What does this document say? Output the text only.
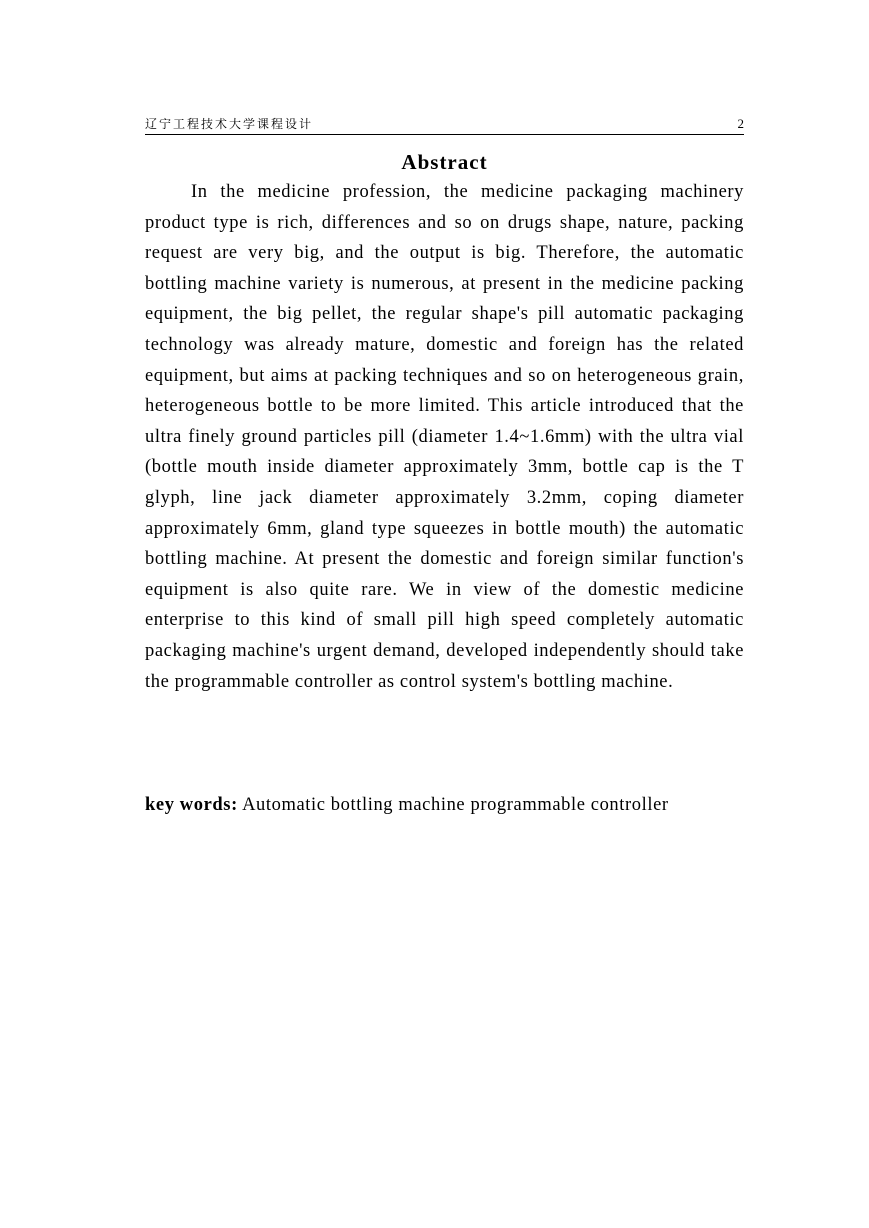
辽宁工程技术大学课程设计	2
Abstract

In the medicine profession, the medicine packaging machinery product type is rich, differences and so on drugs shape, nature, packing request are very big, and the output is big. Therefore, the automatic bottling machine variety is numerous, at present in the medicine packing equipment, the big pellet, the regular shape's pill automatic packaging technology was already mature, domestic and foreign has the related equipment, but aims at packing techniques and so on heterogeneous grain, heterogeneous bottle to be more limited. This article introduced that the ultra finely ground particles pill (diameter 1.4~1.6mm) with the ultra vial (bottle mouth inside diameter approximately 3mm, bottle cap is the T glyph, line jack diameter approximately 3.2mm, coping diameter approximately 6mm, gland type squeezes in bottle mouth) the automatic bottling machine. At present the domestic and foreign similar function's equipment is also quite rare. We in view of the domestic medicine enterprise to this kind of small pill high speed completely automatic packaging machine's urgent demand, developed independently should take the programmable controller as control system's bottling machine.

key words: Automatic bottling machine programmable controller
